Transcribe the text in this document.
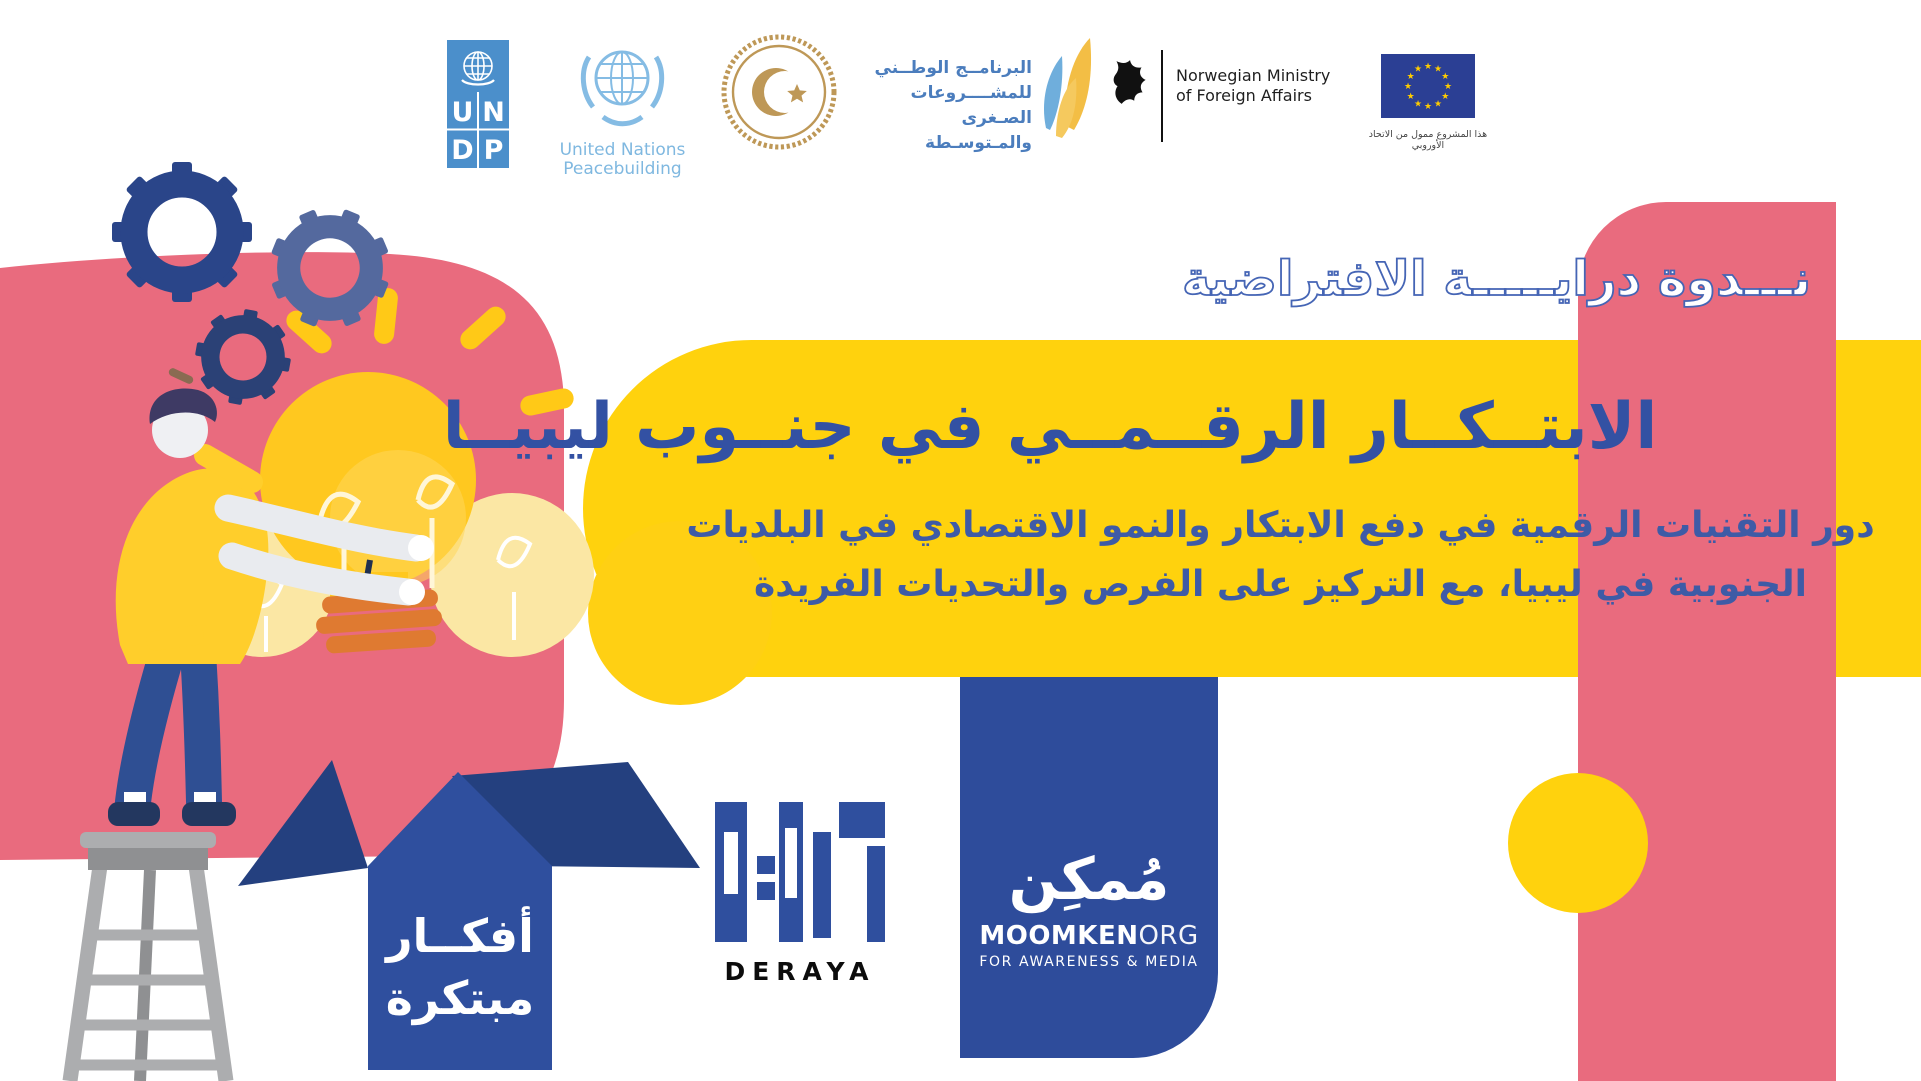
نـــدوة درايـــــة الافتراضية
الابتــكــار الرقــمــي في جنــوب ليبيــا
دور التقنيات الرقمية في دفع الابتكار والنمو الاقتصادي في البلديات
الجنوبية في ليبيا، مع التركيز على الفرص والتحديات الفريدة
أفكــار
مبتكرة
U N
D P	United Nations
Peacebuilding
البرنامــج الوطــني
للمشــــروعات
الصـغرى والمـتوسـطة
Norwegian Ministry
of Foreign Affairs
★ ★
★
★
★
★
★
★
★
★
★
★
هذا المشروع ممول من الاتحاد الأوروبي
مُمكِن
MOOMKENORG
FOR AWARENESS & MEDIA
DERAYA
